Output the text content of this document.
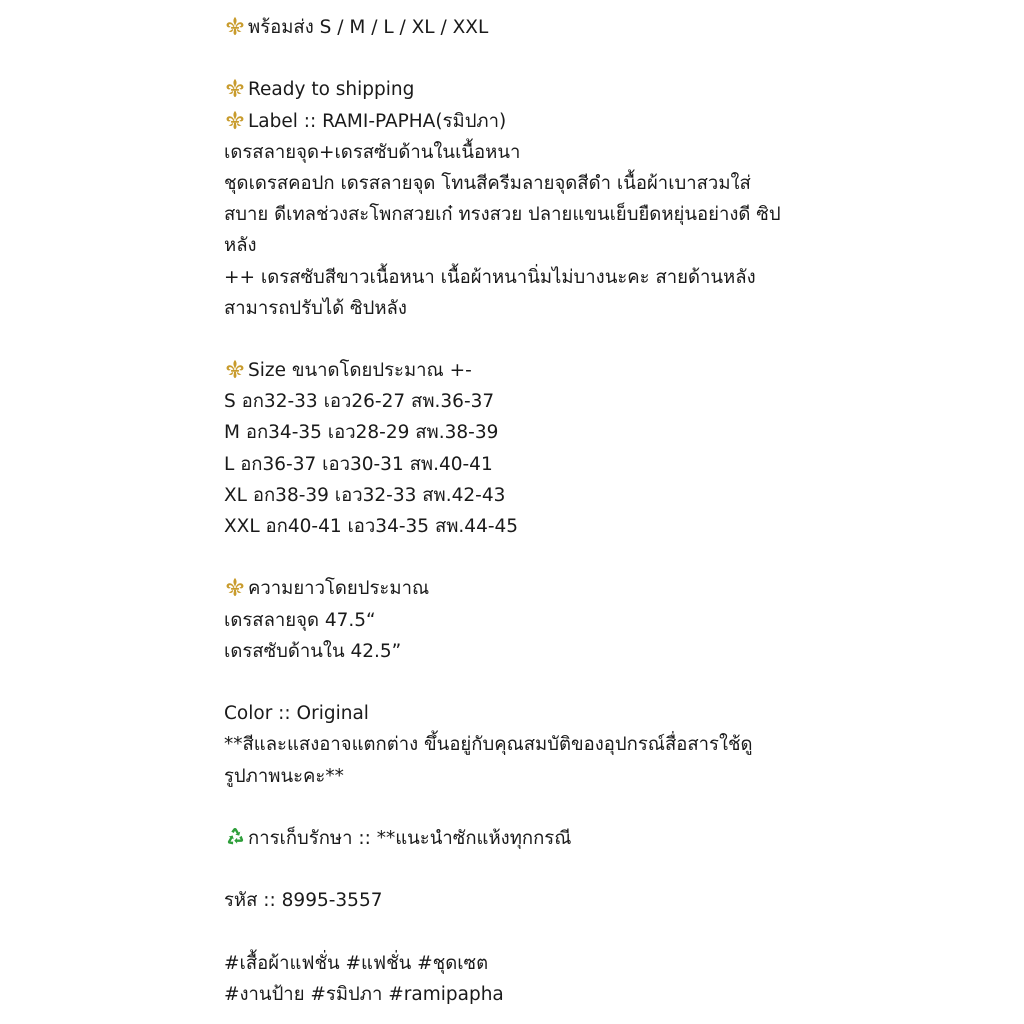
พร้อมส่ง S / M / L / XL / XXL
Ready to shipping
Label :: RAMI-PAPHA(รมิปภา)
เดรสลายจุด+เดรสซับด้านในเนื้อหนา
ชุดเดรสคอปก เดรสลายจุด โทนสีครีมลายจุดสีดำ เนื้อผ้าเบาสวมใส่
สบาย ดีเทลช่วงสะโพกสวยเก๋ ทรงสวย ปลายแขนเย็บยืดหยุ่นอย่างดี ซิป
หลัง
++ เดรสซับสีขาวเนื้อหนา เนื้อผ้าหนานิ่มไม่บางนะคะ สายด้านหลัง
สามารถปรับได้ ซิปหลัง
Size ขนาดโดยประมาณ +-
S อก32-33 เอว26-27 สพ.36-37
M อก34-35 เอว28-29 สพ.38-39
L อก36-37 เอว30-31 สพ.40-41
XL อก38-39 เอว32-33 สพ.42-43
XXL อก40-41 เอว34-35 สพ.44-45
ความยาวโดยประมาณ
เดรสลายจุด 47.5“
เดรสซับด้านใน 42.5”
Color :: Original
**สีและแสงอาจแตกต่าง ขึ้นอยู่กับคุณสมบัติของอุปกรณ์สื่อสารใช้ดู
รูปภาพนะคะ**
การเก็บรักษา :: **แนะนำซักแห้งทุกกรณี
รหัส :: 8995-3557
#เสื้อผ้าแฟชั่น #แฟชั่น #ชุดเซต
#งานป้าย #รมิปภา #ramipapha
